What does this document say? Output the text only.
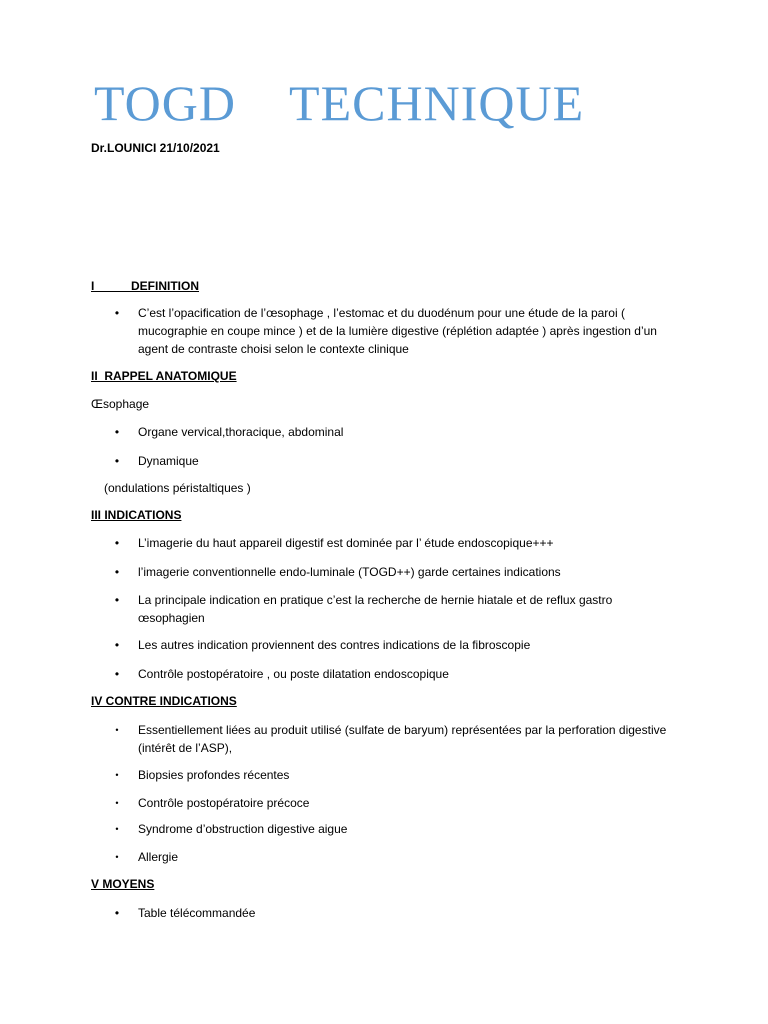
TOGD    TECHNIQUE
Dr.LOUNICI 21/10/2021
I           DEFINITION
• C’est l’opacification de l’œsophage , l’estomac et du duodénum pour une étude de la paroi ( mucographie en coupe mince ) et de la lumière digestive (réplétion adaptée ) après ingestion d’un agent de contraste choisi selon le contexte clinique
II  RAPPEL ANATOMIQUE
Œsophage
• Organe vervical,thoracique, abdominal
• Dynamique
(ondulations péristaltiques )
III INDICATIONS
• L’imagerie du haut appareil digestif est dominée par l’ étude endoscopique+++
• l’imagerie conventionnelle endo-luminale (TOGD++) garde certaines indications
• La principale indication en pratique c’est la recherche de hernie hiatale et de reflux gastro œsophagien
• Les autres indication proviennent des contres indications de la fibroscopie
• Contrôle postopératoire , ou poste dilatation endoscopique
IV CONTRE INDICATIONS
• Essentiellement liées au produit utilisé (sulfate de baryum) représentées par la perforation digestive (intérêt de l’ASP),
• Biopsies profondes récentes
• Contrôle postopératoire précoce
• Syndrome d’obstruction digestive aigue
• Allergie
V MOYENS
• Table télécommandée
